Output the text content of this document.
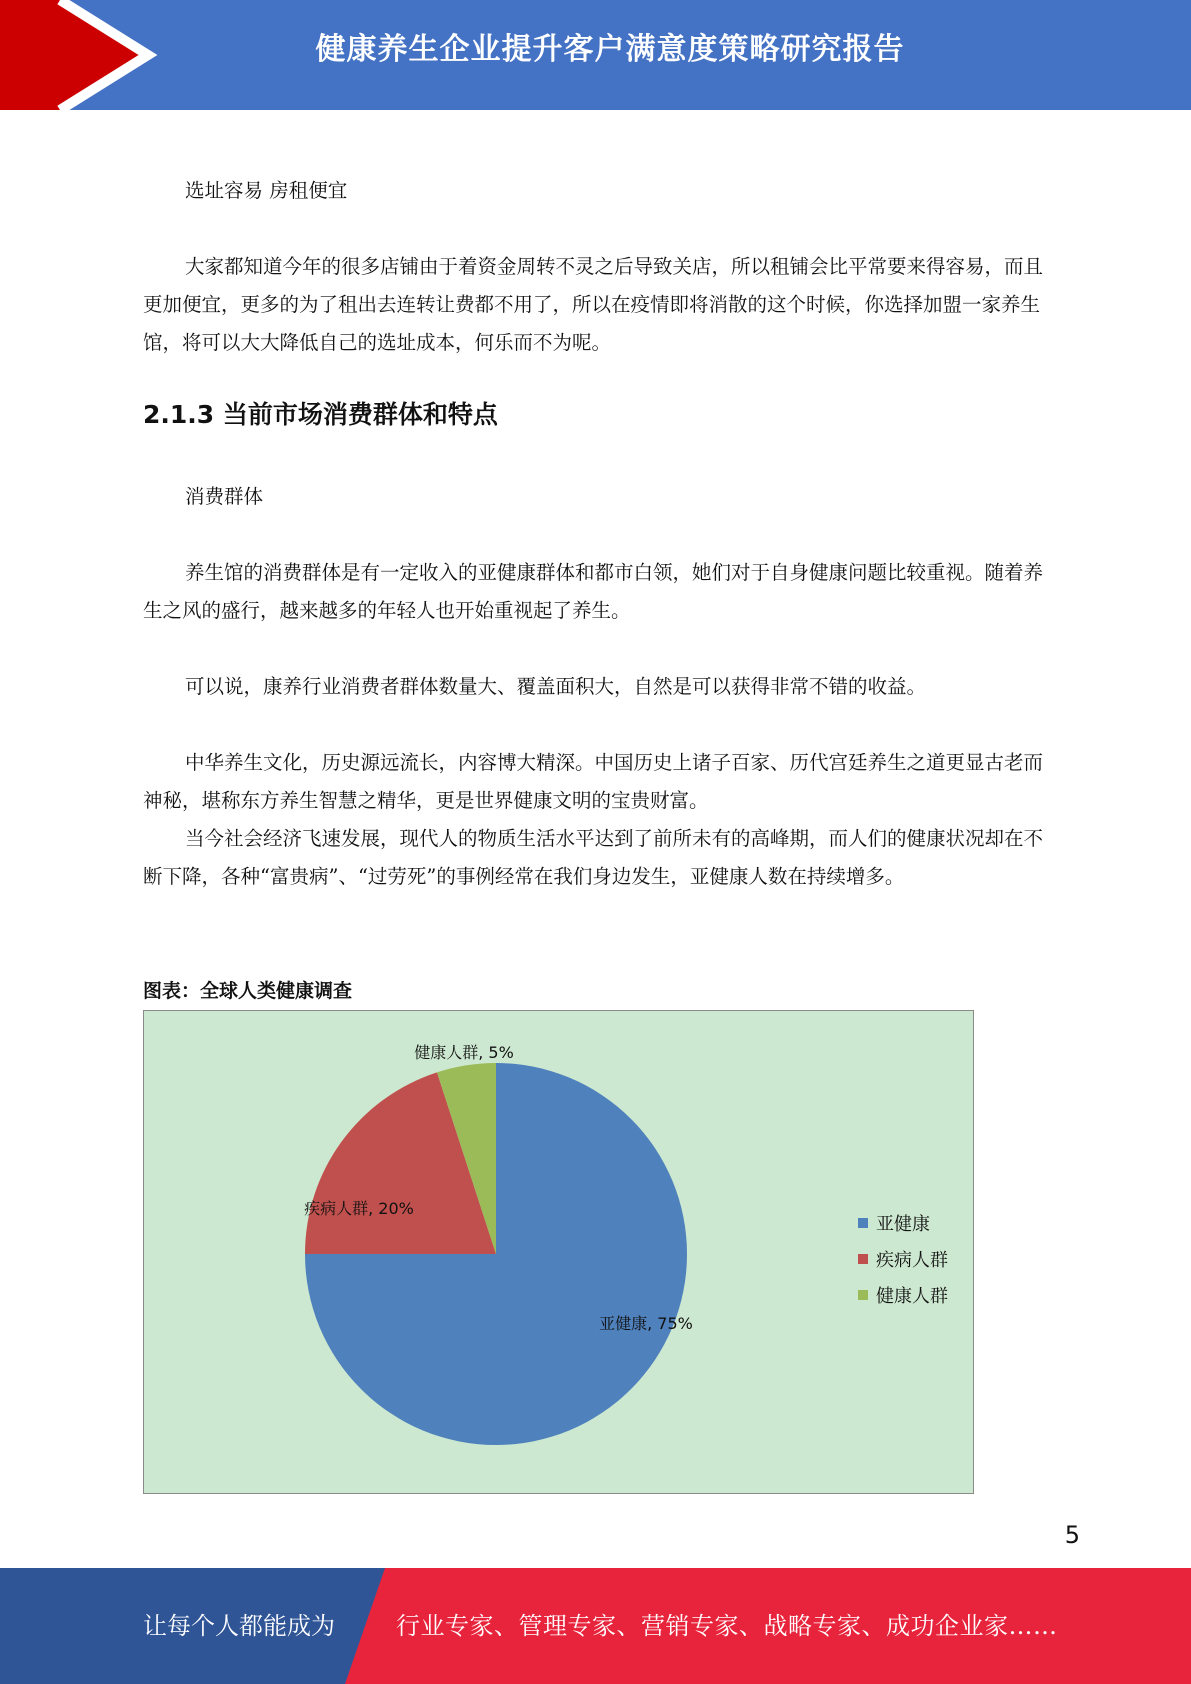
健康养生企业提升客户满意度策略研究报告

选址容易 房租便宜

大家都知道今年的很多店铺由于着资金周转不灵之后导致关店，所以租铺会比平常要来得容易，而且更加便宜，更多的为了租出去连转让费都不用了，所以在疫情即将消散的这个时候，你选择加盟一家养生馆，将可以大大降低自己的选址成本，何乐而不为呢。

2.1.3 当前市场消费群体和特点

消费群体

养生馆的消费群体是有一定收入的亚健康群体和都市白领，她们对于自身健康问题比较重视。随着养生之风的盛行，越来越多的年轻人也开始重视起了养生。

可以说，康养行业消费者群体数量大、覆盖面积大，自然是可以获得非常不错的收益。

中华养生文化，历史源远流长，内容博大精深。中国历史上诸子百家、历代宫廷养生之道更显古老而神秘，堪称东方养生智慧之精华，更是世界健康文明的宝贵财富。

当今社会经济飞速发展，现代人的物质生活水平达到了前所未有的高峰期，而人们的健康状况却在不断下降，各种“富贵病”、“过劳死”的事例经常在我们身边发生，亚健康人数在持续增多。

图表：全球人类健康调查

亚健康, 75%
疾病人群, 20%
健康人群, 5%
亚健康
疾病人群
健康人群
5
让每个人都能成为	行业专家、管理专家、营销专家、战略专家、成功企业家……
